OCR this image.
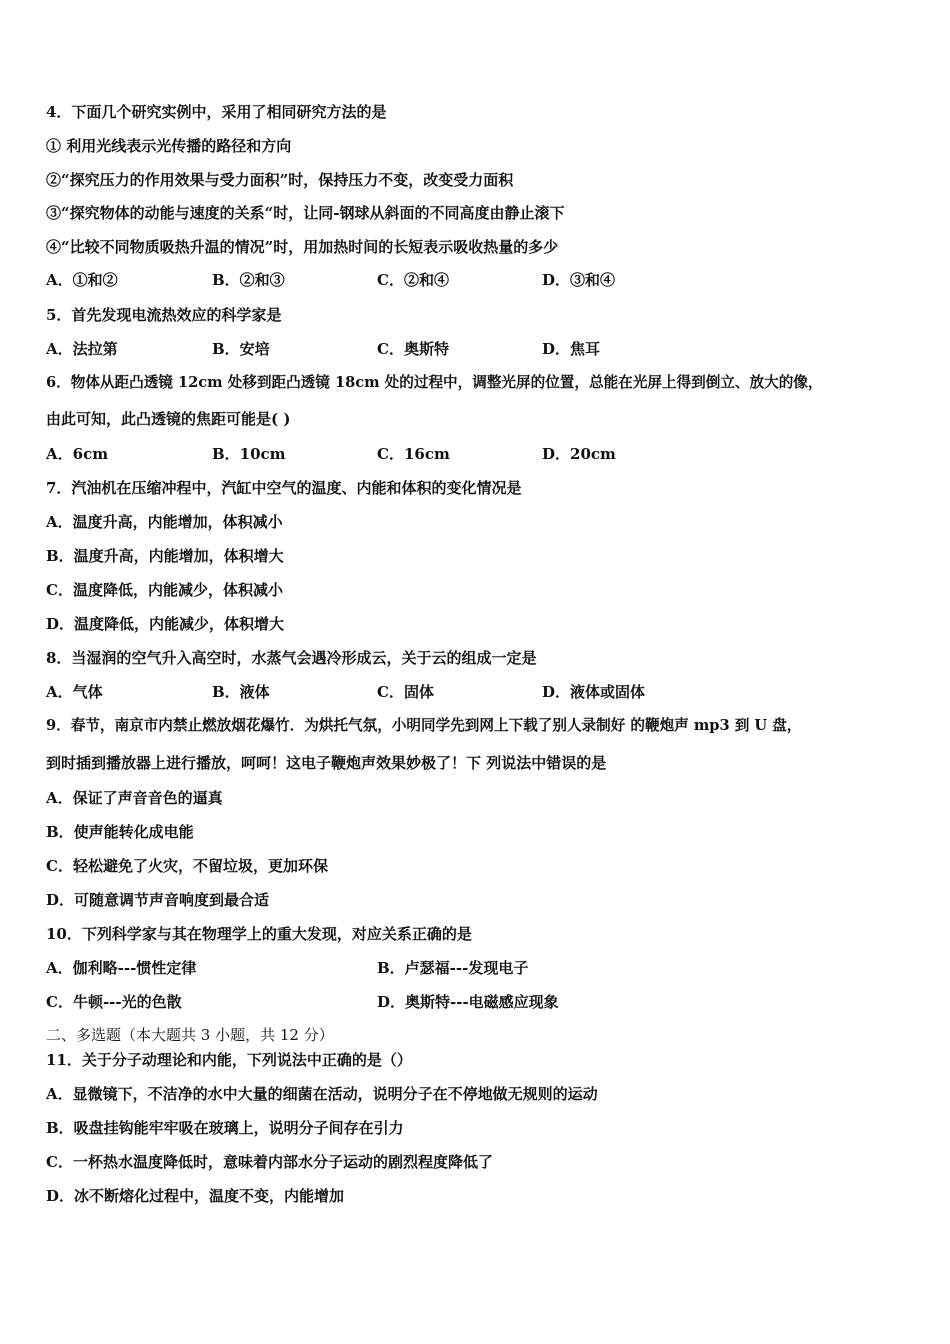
4．下面几个研究实例中，采用了相同研究方法的是
① 利用光线表示光传播的路径和方向
②“探究压力的作用效果与受力面积”时，保持压力不变，改变受力面积
③“探究物体的动能与速度的关系“时，让同-钢球从斜面的不同高度由静止滚下
④“比较不同物质吸热升温的情况”时，用加热时间的长短表示吸收热量的多少
A．①和②	B．②和③	C．②和④	D．③和④
5．首先发现电流热效应的科学家是
A．法拉第	B．安培	C．奥斯特	D．焦耳
6．物体从距凸透镜 12cm 处移到距凸透镜 18cm 处的过程中，调整光屏的位置，总能在光屏上得到倒立、放大的像，
由此可知，此凸透镜的焦距可能是( )
A．6cm	B．10cm	C．16cm	D．20cm
7．汽油机在压缩冲程中，汽缸中空气的温度、内能和体积的变化情况是
A．温度升高，内能增加，体积减小
B．温度升高，内能增加，体积增大
C．温度降低，内能减少，体积减小
D．温度降低，内能减少，体积增大
8．当湿润的空气升入高空时，水蒸气会遇冷形成云，关于云的组成一定是
A．气体	B．液体	C．固体	D．液体或固体
9．春节，南京市内禁止燃放烟花爆竹．为烘托气氛，小明同学先到网上下载了别人录制好 的鞭炮声 mp3 到 U 盘，
到时插到播放器上进行播放，呵呵！这电子鞭炮声效果妙极了！下 列说法中错误的是
A．保证了声音音色的逼真
B．使声能转化成电能
C．轻松避免了火灾，不留垃圾，更加环保
D．可随意调节声音响度到最合适
10．下列科学家与其在物理学上的重大发现，对应关系正确的是
A．伽利略---惯性定律	B．卢瑟福---发现电子
C．牛顿---光的色散	D．奥斯特---电磁感应现象
二、多选题（本大题共 3 小题，共 12 分）
11．关于分子动理论和内能，下列说法中正确的是（）
A．显微镜下，不洁净的水中大量的细菌在活动，说明分子在不停地做无规则的运动
B．吸盘挂钩能牢牢吸在玻璃上，说明分子间存在引力
C．一杯热水温度降低时，意味着内部水分子运动的剧烈程度降低了
D．冰不断熔化过程中，温度不变，内能增加
